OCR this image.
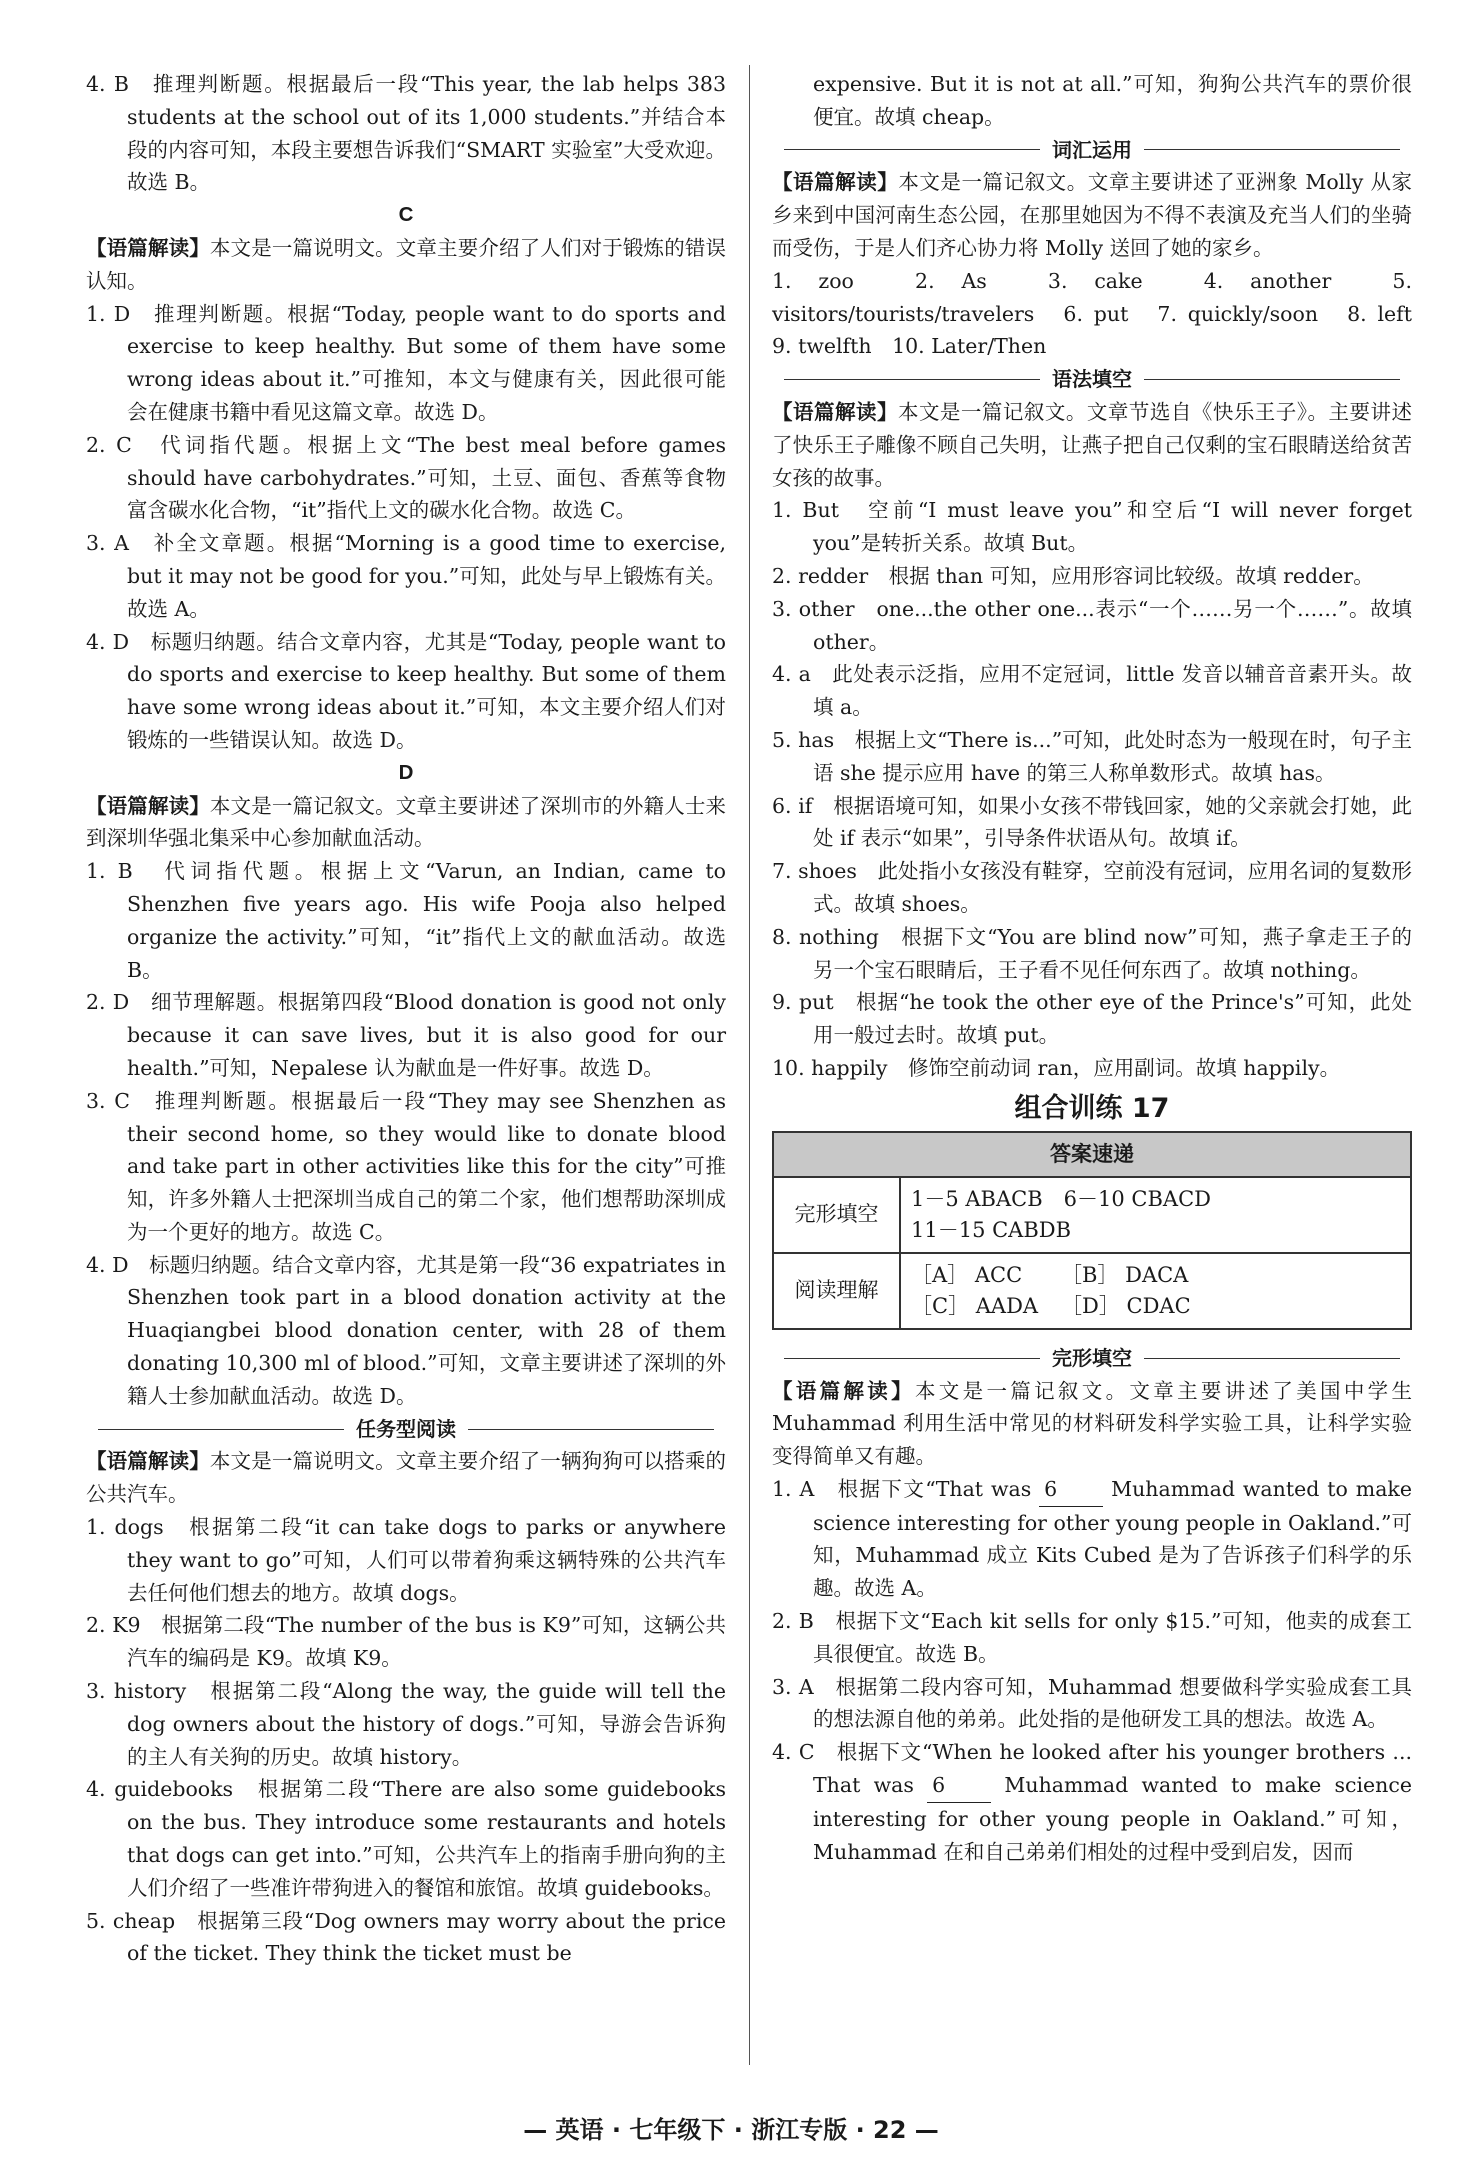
4. B　推理判断题。根据最后一段“This year, the lab helps 383 students at the school out of its 1,000 students.”并结合本段的内容可知，本段主要想告诉我们“SMART 实验室”大受欢迎。故选 B。

C

【语篇解读】本文是一篇说明文。文章主要介绍了人们对于锻炼的错误认知。

1. D　推理判断题。根据“Today, people want to do sports and exercise to keep healthy. But some of them have some wrong ideas about it.”可推知，本文与健康有关，因此很可能会在健康书籍中看见这篇文章。故选 D。

2. C　代词指代题。根据上文“The best meal before games should have carbohydrates.”可知，土豆、面包、香蕉等食物富含碳水化合物，“it”指代上文的碳水化合物。故选 C。

3. A　补全文章题。根据“Morning is a good time to exercise, but it may not be good for you.”可知，此处与早上锻炼有关。故选 A。

4. D　标题归纳题。结合文章内容，尤其是“Today, people want to do sports and exercise to keep healthy. But some of them have some wrong ideas about it.”可知，本文主要介绍人们对锻炼的一些错误认知。故选 D。

D

【语篇解读】本文是一篇记叙文。文章主要讲述了深圳市的外籍人士来到深圳华强北集采中心参加献血活动。

1. B　代词指代题。根据上文“Varun, an Indian, came to Shenzhen five years ago. His wife Pooja also helped organize the activity.”可知，“it”指代上文的献血活动。故选 B。

2. D　细节理解题。根据第四段“Blood donation is good not only because it can save lives, but it is also good for our health.”可知，Nepalese 认为献血是一件好事。故选 D。

3. C　推理判断题。根据最后一段“They may see Shenzhen as their second home, so they would like to donate blood and take part in other activities like this for the city”可推知，许多外籍人士把深圳当成自己的第二个家，他们想帮助深圳成为一个更好的地方。故选 C。

4. D　标题归纳题。结合文章内容，尤其是第一段“36 expatriates in Shenzhen took part in a blood donation activity at the Huaqiangbei blood donation center, with 28 of them donating 10,300 ml of blood.”可知，文章主要讲述了深圳的外籍人士参加献血活动。故选 D。

任务型阅读

【语篇解读】本文是一篇说明文。文章主要介绍了一辆狗狗可以搭乘的公共汽车。

1. dogs　根据第二段“it can take dogs to parks or anywhere they want to go”可知，人们可以带着狗乘这辆特殊的公共汽车去任何他们想去的地方。故填 dogs。

2. K9　根据第二段“The number of the bus is K9”可知，这辆公共汽车的编码是 K9。故填 K9。

3. history　根据第二段“Along the way, the guide will tell the dog owners about the history of dogs.”可知，导游会告诉狗的主人有关狗的历史。故填 history。

4. guidebooks　根据第二段“There are also some guidebooks on the bus. They introduce some restaurants and hotels that dogs can get into.”可知，公共汽车上的指南手册向狗的主人们介绍了一些准许带狗进入的餐馆和旅馆。故填 guidebooks。

5. cheap　根据第三段“Dog owners may worry about the price of the ticket. They think the ticket must be

expensive. But it is not at all.”可知，狗狗公共汽车的票价很便宜。故填 cheap。

词汇运用

【语篇解读】本文是一篇记叙文。文章主要讲述了亚洲象 Molly 从家乡来到中国河南生态公园，在那里她因为不得不表演及充当人们的坐骑而受伤，于是人们齐心协力将 Molly 送回了她的家乡。

1. zoo　2. As　3. cake　4. another　5. visitors/tourists/travelers　6. put　7. quickly/soon　8. left　9. twelfth　10. Later/Then

语法填空

【语篇解读】本文是一篇记叙文。文章节选自《快乐王子》。主要讲述了快乐王子雕像不顾自己失明，让燕子把自己仅剩的宝石眼睛送给贫苦女孩的故事。

1. But　空前“I must leave you”和空后“I will never forget you”是转折关系。故填 But。

2. redder　根据 than 可知，应用形容词比较级。故填 redder。

3. other　one...the other one...表示“一个……另一个……”。故填 other。

4. a　此处表示泛指，应用不定冠词，little 发音以辅音音素开头。故填 a。

5. has　根据上文“There is...”可知，此处时态为一般现在时，句子主语 she 提示应用 have 的第三人称单数形式。故填 has。

6. if　根据语境可知，如果小女孩不带钱回家，她的父亲就会打她，此处 if 表示“如果”，引导条件状语从句。故填 if。

7. shoes　此处指小女孩没有鞋穿，空前没有冠词，应用名词的复数形式。故填 shoes。

8. nothing　根据下文“You are blind now”可知，燕子拿走王子的另一个宝石眼睛后，王子看不见任何东西了。故填 nothing。

9. put　根据“he took the other eye of the Prince's”可知，此处用一般过去时。故填 put。

10. happily　修饰空前动词 ran，应用副词。故填 happily。

组合训练 17

答案速递	
完形填空	1－5 ABACB　6－10 CBACD
11－15 CABDB

阅读理解	［A］ ACC ［B］ DACA
［C］ AADA ［D］ CDAC

完形填空

【语篇解读】本文是一篇记叙文。文章主要讲述了美国中学生 Muhammad 利用生活中常见的材料研发科学实验工具，让科学实验变得简单又有趣。

1. A　根据下文“That was 6 Muhammad wanted to make science interesting for other young people in Oakland.”可知，Muhammad 成立 Kits Cubed 是为了告诉孩子们科学的乐趣。故选 A。

2. B　根据下文“Each kit sells for only $15.”可知，他卖的成套工具很便宜。故选 B。

3. A　根据第二段内容可知，Muhammad 想要做科学实验成套工具的想法源自他的弟弟。此处指的是他研发工具的想法。故选 A。

4. C　根据下文“When he looked after his younger brothers ... That was 6 Muhammad wanted to make science interesting for other young people in Oakland.”可知，Muhammad 在和自己弟弟们相处的过程中受到启发，因而

— 英语 · 七年级下 · 浙江专版 · 22 —
